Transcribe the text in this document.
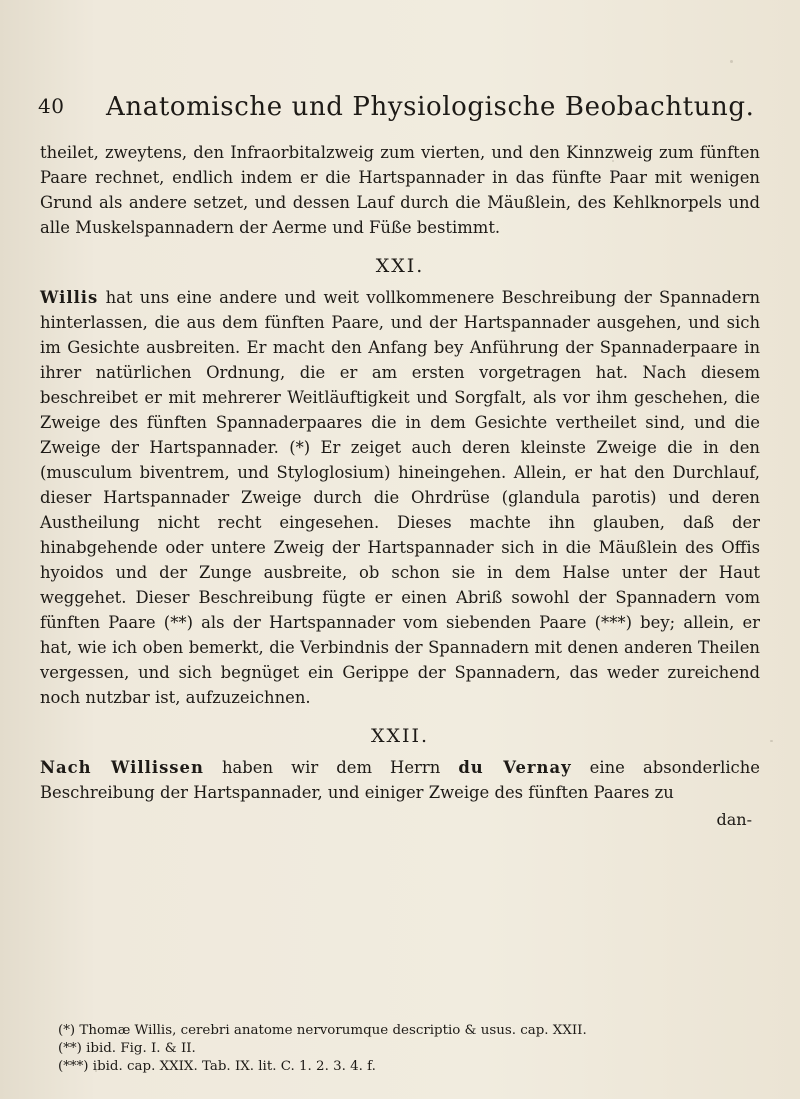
40 Anatomische und Physiologische Beobachtung.

theilet, zweytens, den Infraorbitalzweig zum vierten, und den Kinnzweig zum fünften Paare rechnet, endlich indem er die Hartspannader in das fünfte Paar mit wenigen Grund als andere setzet, und dessen Lauf durch die Mäußlein, des Kehlknorpels und alle Muskelspannadern der Aerme und Füße bestimmt.

XXI.

Willis hat uns eine andere und weit vollkommenere Beschreibung der Spannadern hinterlassen, die aus dem fünften Paare, und der Hartspannader ausgehen, und sich im Gesichte ausbreiten. Er macht den Anfang bey Anführung der Spannaderpaare in ihrer natürlichen Ordnung, die er am ersten vorgetragen hat. Nach diesem beschreibet er mit mehrerer Weitläuftigkeit und Sorgfalt, als vor ihm geschehen, die Zweige des fünften Spannaderpaares die in dem Gesichte vertheilet sind, und die Zweige der Hartspannader. (*) Er zeiget auch deren kleinste Zweige die in den (musculum biventrem, und Styloglosium) hineingehen. Allein, er hat den Durchlauf, dieser Hartspannader Zweige durch die Ohrdrüse (glandula parotis) und deren Austheilung nicht recht eingesehen. Dieses machte ihn glauben, daß der hinabgehende oder untere Zweig der Hartspannader sich in die Mäußlein des Offis hyoidos und der Zunge ausbreite, ob schon sie in dem Halse unter der Haut weggehet. Dieser Beschreibung fügte er einen Abriß sowohl der Spannadern vom fünften Paare (**) als der Hartspannader vom siebenden Paare (***) bey; allein, er hat, wie ich oben bemerkt, die Verbindnis der Spannadern mit denen anderen Theilen vergessen, und sich begnüget ein Gerippe der Spannadern, das weder zureichend noch nutzbar ist, aufzuzeichnen.

XXII.

Nach Willissen haben wir dem Herrn du Vernay eine absonderliche Beschreibung der Hartspannader, und einiger Zweige des fünften Paares zu

dan-
(*) Thomæ Willis, cerebri anatome nervorumque descriptio & usus. cap. XXII.
(**) ibid. Fig. I. & II.
(***) ibid. cap. XXIX. Tab. IX. lit. C. 1. 2. 3. 4. f.
